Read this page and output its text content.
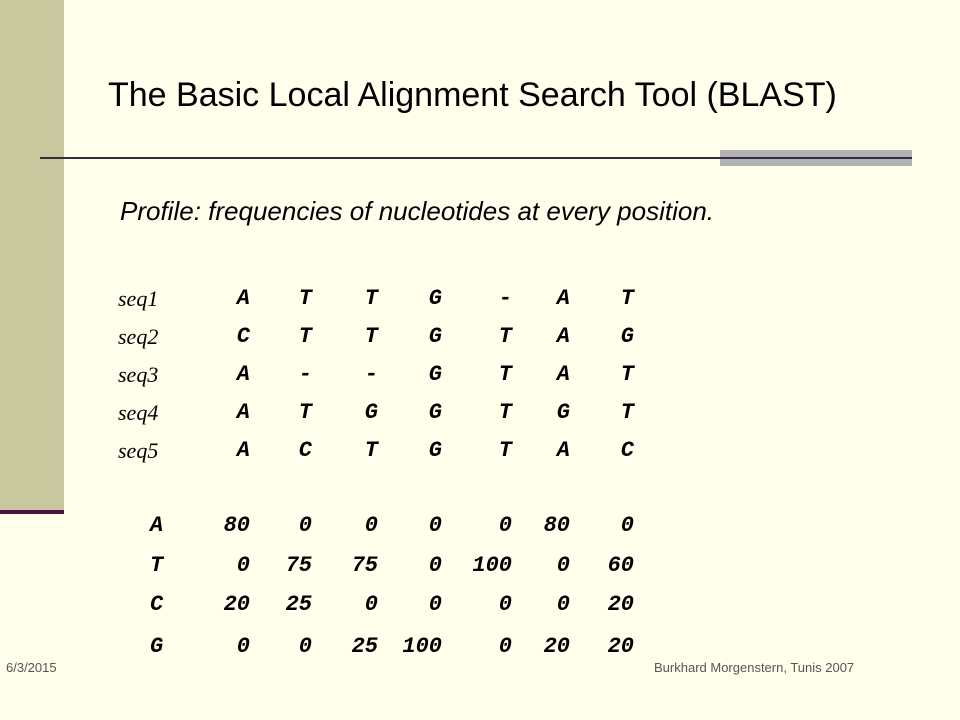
The Basic Local Alignment Search Tool (BLAST)
Profile: frequencies of nucleotides at every position.
seq1	A	T	T	G	-	A	T
seq2	C	T	T	G	T	A	G
seq3	A	-	-	G	T	A	T
seq4	A	T	G	G	T	G	T
seq5	A	C	T	G	T	A	C
A	80	0	0	0	0	80	0
T	0	75	75	0	100	0	60
C	20	25	0	0	0	0	20
G	0	0	25	100	0	20	20
6/3/2015	Burkhard Morgenstern, Tunis 2007
